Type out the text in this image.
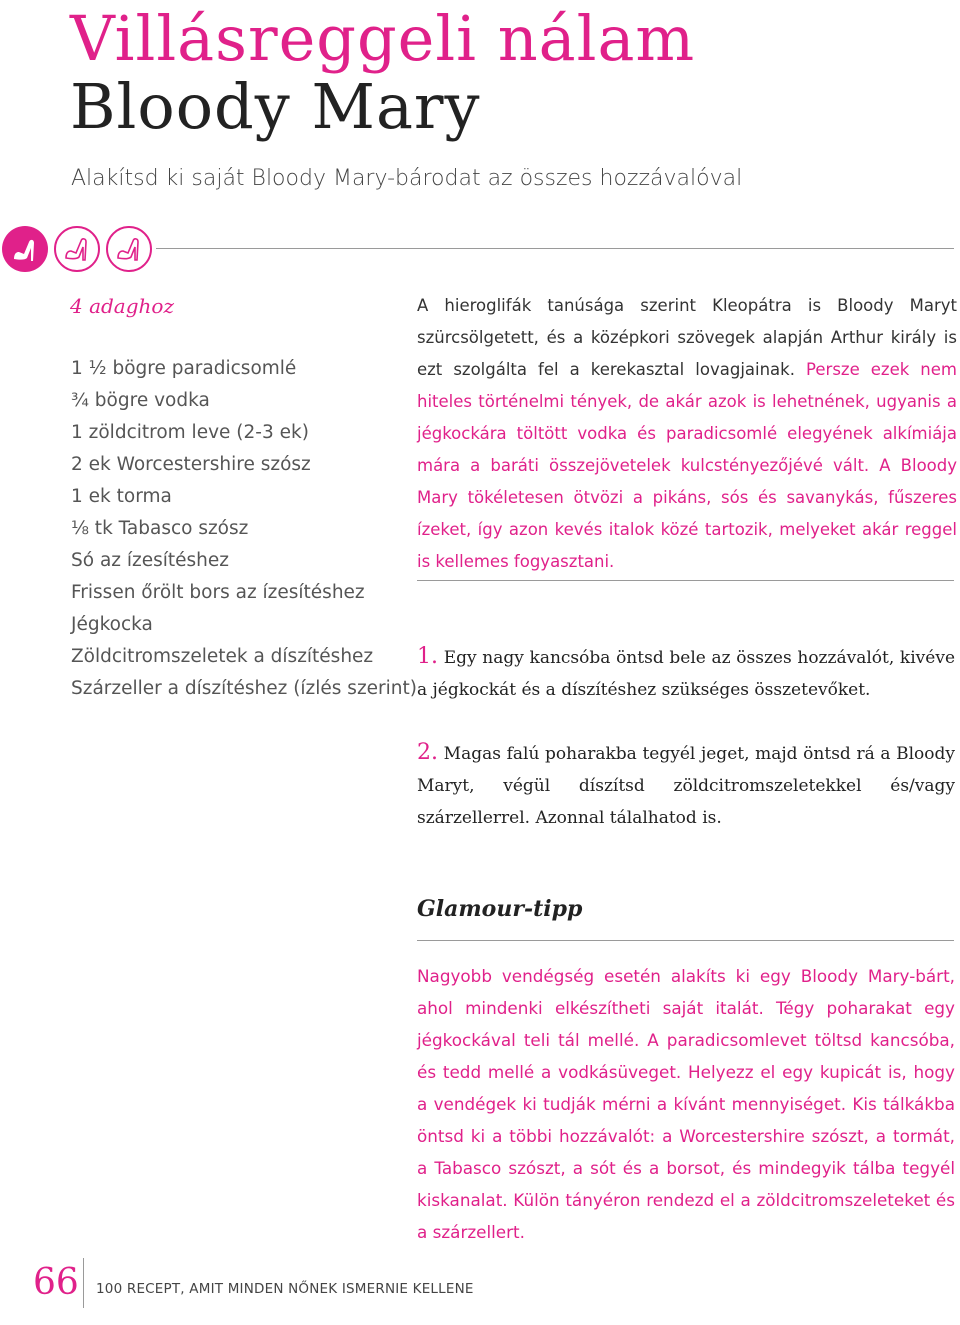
Villásreggeli nálam
Bloody Mary
Alakítsd ki saját Bloody Mary-bárodat az összes hozzávalóval
4 adaghoz
1 ½ bögre paradicsomlé
¾ bögre vodka
1 zöldcitrom leve (2-3 ek)
2 ek Worcestershire szósz
1 ek torma
⅛ tk Tabasco szósz
Só az ízesítéshez
Frissen őrölt bors az ízesítéshez
Jégkocka
Zöldcitromszeletek a díszítéshez
Szárzeller a díszítéshez (ízlés szerint)

A hieroglifák tanúsága szerint Kleopátra is Bloody Maryt szürcsölgetett, és a középkori szövegek alapján Arthur király is ezt szolgálta fel a kerekasztal lovagjainak. Persze ezek nem hiteles történelmi tények, de akár azok is lehetnének, ugyanis a jégkockára töltött vodka és paradicsomlé elegyének alkímiája mára a baráti összejövetelek kulcstényezőjévé vált. A Bloody Mary tökéletesen ötvözi a pikáns, sós és savanykás, fűszeres ízeket, így azon kevés italok közé tartozik, melyeket akár reggel is kellemes fogyasztani.

1. Egy nagy kancsóba öntsd bele az összes hozzávalót, kivéve a jégkockát és a díszítéshez szükséges összetevőket.

2. Magas falú poharakba tegyél jeget, majd öntsd rá a Bloody Maryt, végül díszítsd zöldcitromszeletekkel és/vagy szárzellerrel. Azonnal tálalhatod is.

Glamour-tipp

Nagyobb vendégség esetén alakíts ki egy Bloody Mary-bárt, ahol mindenki elkészítheti saját italát. Tégy poharakat egy jégkockával teli tál mellé. A paradicsomlevet töltsd kancsóba, és tedd mellé a vodkásüveget. Helyezz el egy kupicát is, hogy a vendégek ki tudják mérni a kívánt mennyiséget. Kis tálkákba öntsd ki a többi hozzávalót: a Worcestershire szószt, a tormát, a Tabasco szószt, a sót és a borsot, és mindegyik tálba tegyél kiskanalat. Külön tányéron rendezd el a zöldcitromszeleteket és a szárzellert.

66 100 RECEPT, AMIT MINDEN NŐNEK ISMERNIE KELLENE
